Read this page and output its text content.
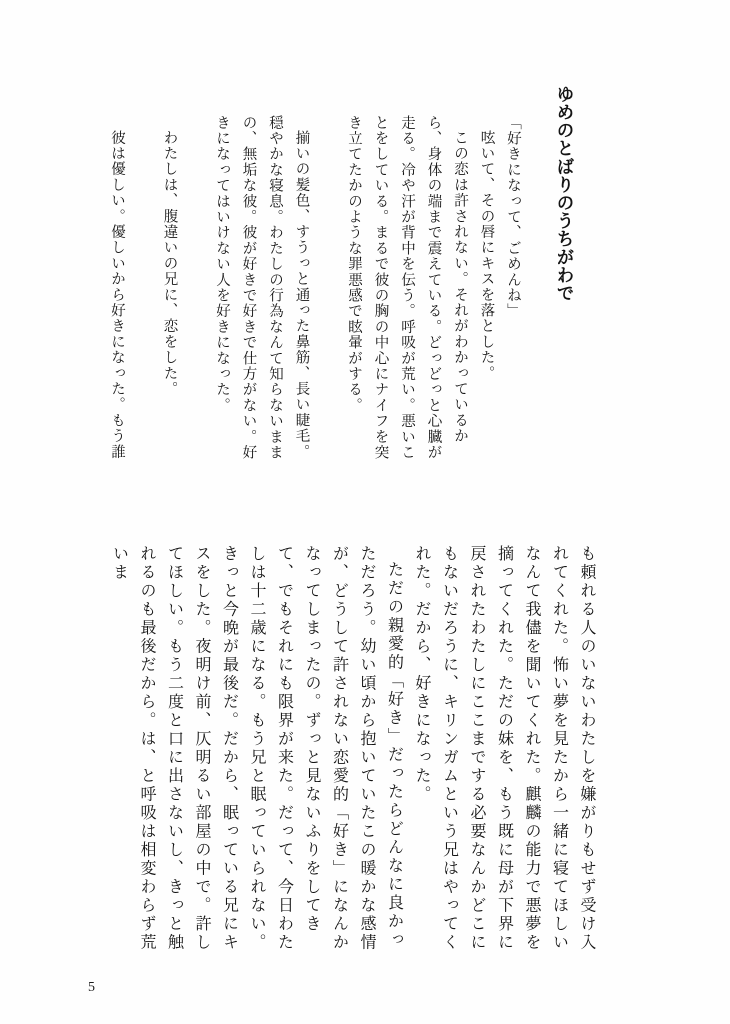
ゆめのとばりのうちがわで

「好きになって、ごめんね」

呟いて、その唇にキスを落とした。

この恋は許されない。それがわかっているから、身体の端まで震えている。どっどっと心臓が走る。冷や汗が背中を伝う。呼吸が荒い。悪いことをしている。まるで彼の胸の中心にナイフを突き立てたかのような罪悪感で眩暈がする。

揃いの髪色、すうっと通った鼻筋、長い睫毛。穏やかな寝息。わたしの行為なんて知らないままの、無垢な彼。彼が好きで好きで仕方がない。好きになってはいけない人を好きになった。

わたしは、腹違いの兄に、恋をした。

彼は優しい。優しいから好きになった。もう誰

も頼れる人のいないわたしを嫌がりもせず受け入れてくれた。怖い夢を見たから一緒に寝てほしいなんて我儘を聞いてくれた。麒麟の能力で悪夢を摘ってくれた。ただの妹を、もう既に母が下界に戻されたわたしにここまでする必要なんかどこにもないだろうに、キリンガムという兄はやってくれた。だから、好きになった。

ただの親愛的「好き」だったらどんなに良かっただろう。幼い頃から抱いていたこの暖かな感情が、どうして許されない恋愛的「好き」になんかなってしまったの。ずっと見ないふりをしてきて、でもそれにも限界が来た。だって、今日わたしは十二歳になる。もう兄と眠っていられない。きっと今晩が最後だ。だから、眠っている兄にキスをした。夜明け前、仄明るい部屋の中で。許してほしい。もう二度と口に出さないし、きっと触れるのも最後だから。は、と呼吸は相変わらず荒いま

5
